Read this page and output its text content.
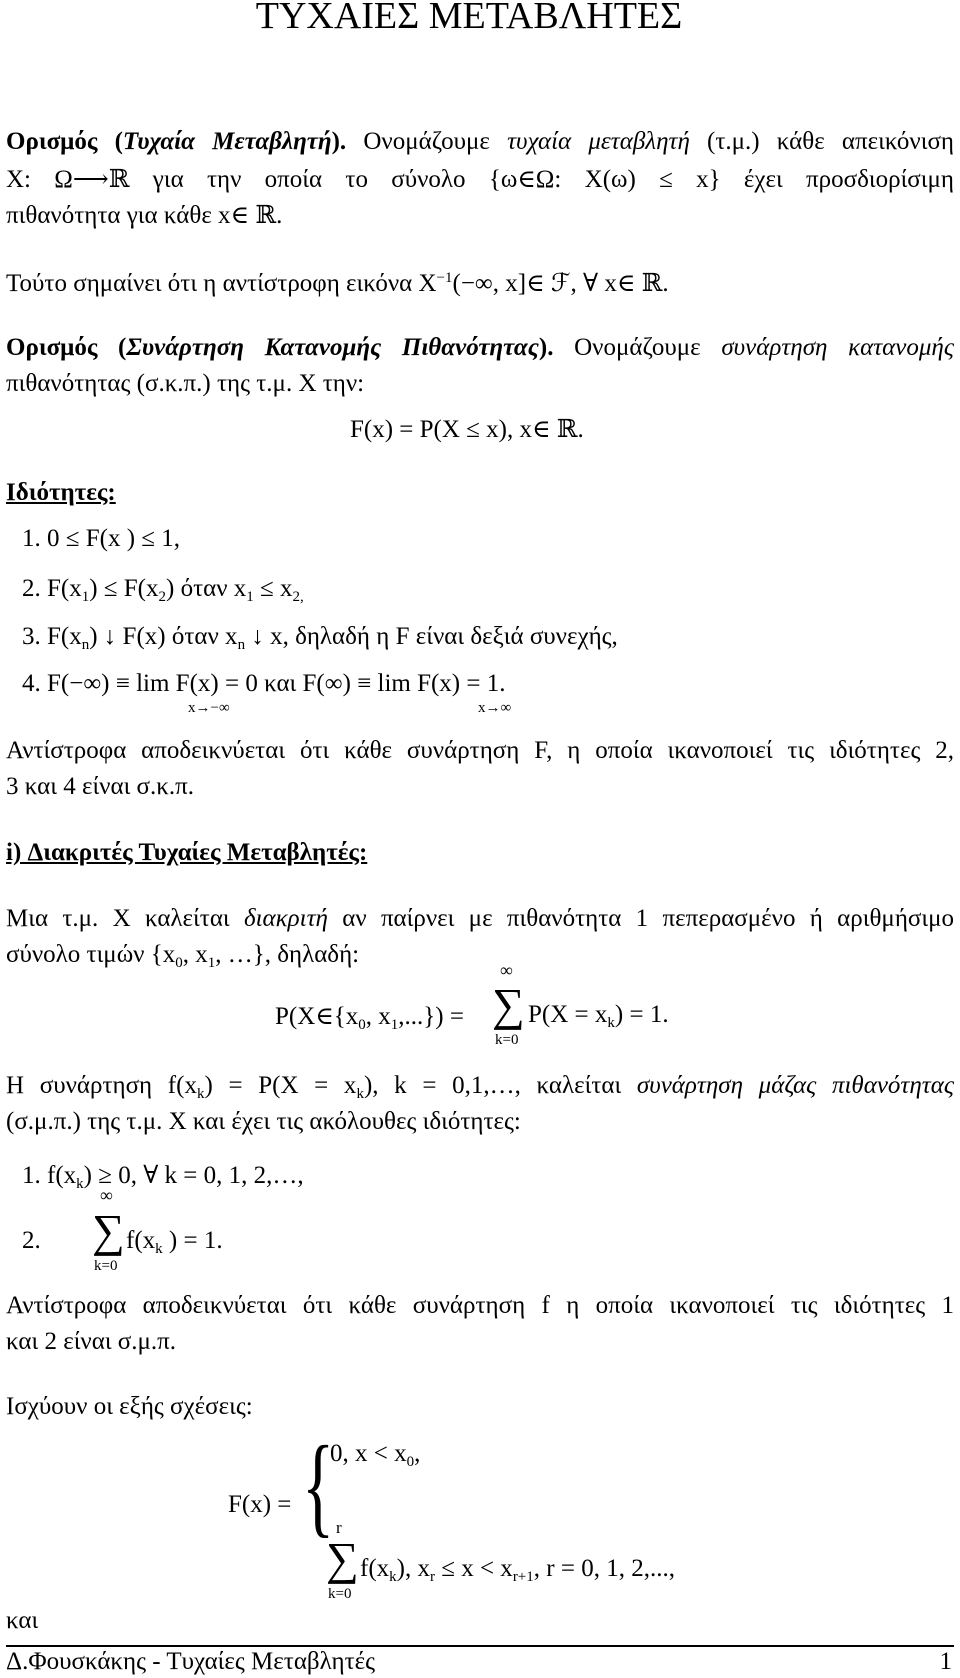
ΤΥΧΑΙΕΣ ΜΕΤΑΒΛΗΤΕΣ
Ορισμός (Τυχαία Μεταβλητή). Ονομάζουμε τυχαία μεταβλητή (τ.μ.) κάθε απεικόνιση
X: Ω⟶ℝ για την οποία το σύνολο {ω∈Ω: X(ω) ≤ x} έχει προσδιορίσιμη
πιθανότητα για κάθε x∈ ℝ.
Τούτο σημαίνει ότι η αντίστροφη εικόνα $X^{-1}(-\infty$, x]∈ ℱ, ∀ x∈ ℝ.
Ορισμός (Συνάρτηση Κατανομής Πιθανότητας). Ονομάζουμε συνάρτηση κατανομής
πιθανότητας (σ.κ.π.) της τ.μ. X την:
F(x) = P(X ≤ x), x∈ ℝ.
Ιδιότητες:
1. 0 ≤ F(x ) ≤ 1,
2. $F(x_1) \le F(x_2)$ όταν $x_1 \le x_{2,}$
3. $F(x_n)$ ↓ F(x) όταν $x_n$ ↓ x, δηλαδή η F είναι δεξιά συνεχής,
4. F(−∞) ≡ lim F(x) = 0 και F(∞) ≡ lim F(x) = 1.
x→−∞	x→∞
Αντίστροφα αποδεικνύεται ότι κάθε συνάρτηση F, η οποία ικανοποιεί τις ιδιότητες 2,
3 και 4 είναι σ.κ.π.
i) Διακριτές Τυχαίες Μεταβλητές:
Μια τ.μ. X καλείται διακριτή αν παίρνει με πιθανότητα 1 πεπερασμένο ή αριθμήσιμο
σύνολο τιμών {$x_0$, $x_1$, …}, δηλαδή:
$P(X\in\{x_0$, $x_1$,...}) =
∞
∑
k=0
$P(X = x_k) = 1$.
Η συνάρτηση $f(x_k) = P(X = x_k)$, k = 0,1,…, καλείται συνάρτηση μάζας πιθανότητας
(σ.μ.π.) της τ.μ. X και έχει τις ακόλουθες ιδιότητες:
1. $f(x_k) \ge 0$, ∀ k = 0, 1, 2,…,
2.
∞
∑
k=0
$f(x_k$ ) = 1.
Αντίστροφα αποδεικνύεται ότι κάθε συνάρτηση f η οποία ικανοποιεί τις ιδιότητες 1
και 2 είναι σ.μ.π.
Ισχύουν οι εξής σχέσεις:
F(x) = {
0, $x < x_0$,
r
∑
k=0
$f(x_k)$, $x_r \le x < x_{r+1}$, r = 0, 1, 2,...,
και
Δ.Φουσκάκης - Τυχαίες Μεταβλητές	1
